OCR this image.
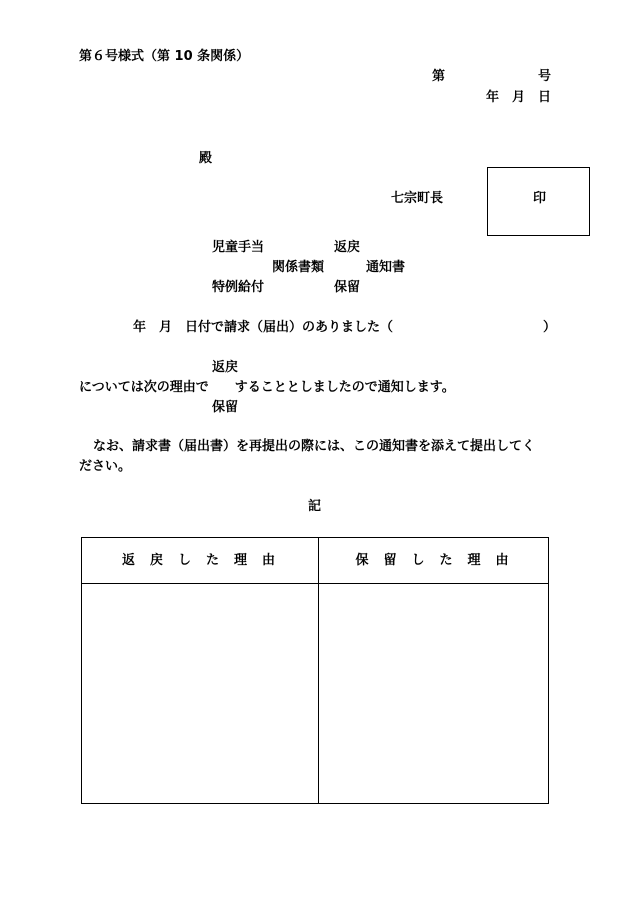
第６号様式（第 10 条関係）
第	号
年 月 日
殿
七宗町長	印
児童手当	返戻
関係書類	通知書
特例給付	保留
年　月　日付で請求（届出）のありました（	）
返戻
については次の理由で　　することとしましたので通知します。
保留
なお、請求書（届出書）を再提出の際には、この通知書を添えて提出してく
ださい。
記
返戻した理由	保留した理由
